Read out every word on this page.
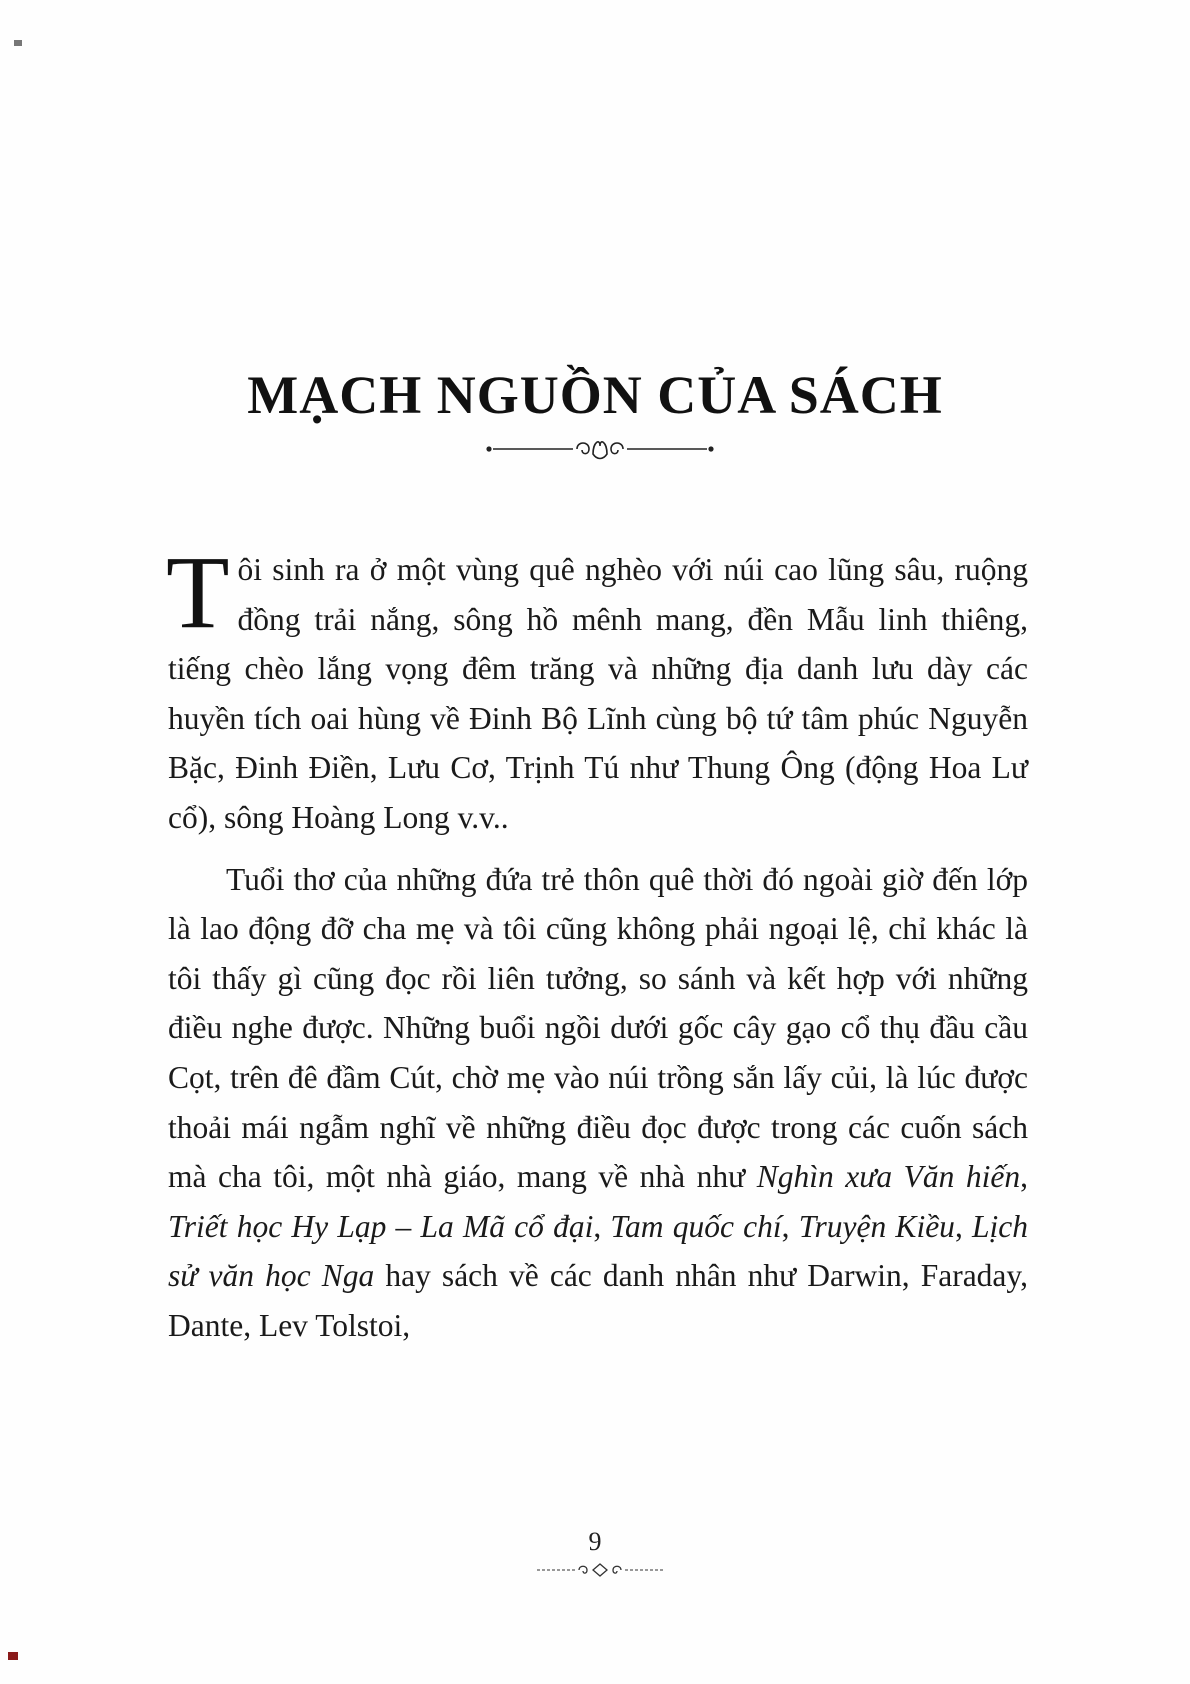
MẠCH NGUỒN CỦA SÁCH

Tôi sinh ra ở một vùng quê nghèo với núi cao lũng sâu, ruộng đồng trải nắng, sông hồ mênh mang, đền Mẫu linh thiêng, tiếng chèo lắng vọng đêm trăng và những địa danh lưu dày các huyền tích oai hùng về Đinh Bộ Lĩnh cùng bộ tứ tâm phúc Nguyễn Bặc, Đinh Điền, Lưu Cơ, Trịnh Tú như Thung Ông (động Hoa Lư cổ), sông Hoàng Long v.v..

Tuổi thơ của những đứa trẻ thôn quê thời đó ngoài giờ đến lớp là lao động đỡ cha mẹ và tôi cũng không phải ngoại lệ, chỉ khác là tôi thấy gì cũng đọc rồi liên tưởng, so sánh và kết hợp với những điều nghe được. Những buổi ngồi dưới gốc cây gạo cổ thụ đầu cầu Cọt, trên đê đầm Cút, chờ mẹ vào núi trồng sắn lấy củi, là lúc được thoải mái ngẫm nghĩ về những điều đọc được trong các cuốn sách mà cha tôi, một nhà giáo, mang về nhà như Nghìn xưa Văn hiến, Triết học Hy Lạp – La Mã cổ đại, Tam quốc chí, Truyện Kiều, Lịch sử văn học Nga hay sách về các danh nhân như Darwin, Faraday, Dante, Lev Tolstoi,

9
